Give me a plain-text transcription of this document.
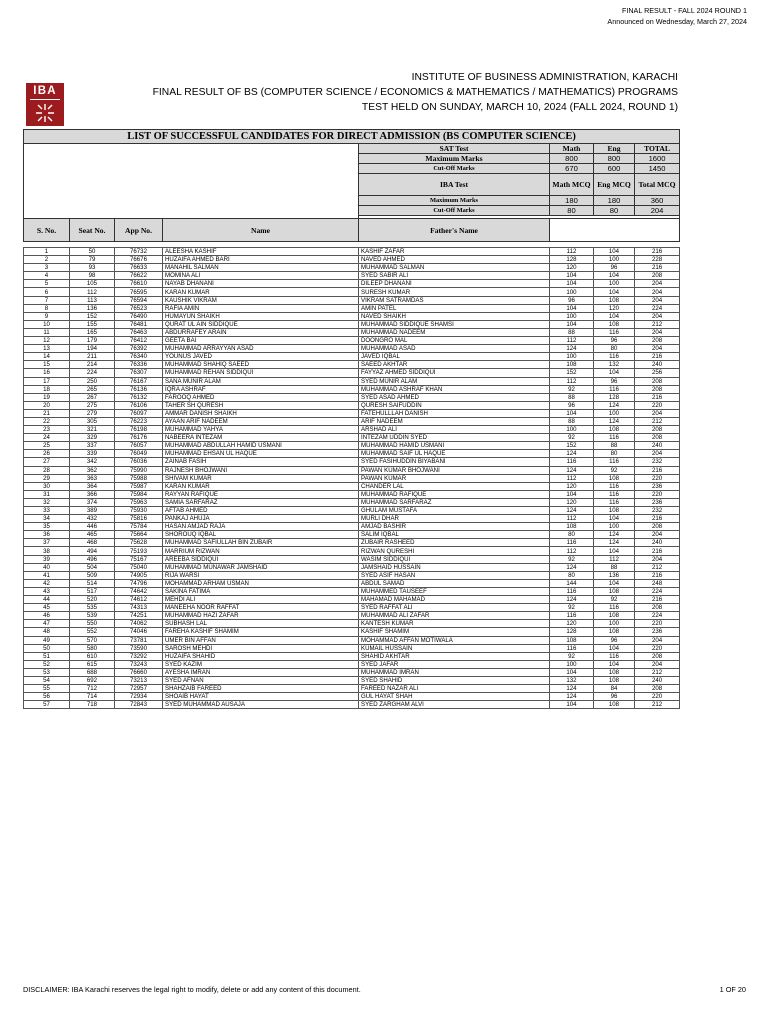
FINAL RESULT - FALL 2024 ROUND 1
Announced on Wednesday, March 27, 2024
IBA
INSTITUTE OF BUSINESS ADMINISTRATION, KARACHI
FINAL RESULT OF BS (COMPUTER SCIENCE / ECONOMICS & MATHEMATICS / MATHEMATICS) PROGRAMS
TEST HELD ON SUNDAY, MARCH 10, 2024 (FALL 2024, ROUND 1)
LIST OF SUCCESSFUL CANDIDATES FOR DIRECT ADMISSION (BS COMPUTER SCIENCE)							
				SAT Test	Math	Eng	TOTAL
				Maximum Marks	800	800	1600
				Cut-Off Marks	670	600	1450
				IBA Test	Math MCQ	Eng MCQ	Total MCQ
				Maximum Marks	180	180	360
				Cut-Off Marks	80	80	204

S. No.	Seat No.	App No.	Name	Father's Name			

1	50	76732	ALEESHA KASHIF	KASHIF ZAFAR	112	104	216
2	79	76676	HUZAIFA AHMED BARI	NAVED AHMED	128	100	228
3	93	76633	MANAHIL SALMAN	MUHAMMAD SALMAN	120	96	216
4	98	76622	MOMINA ALI	SYED SABIR ALI	104	104	208
5	105	76610	NAYAB DHANANI	DILEEP DHANANI	104	100	204
6	112	76595	KARAN KUMAR	SURESH KUMAR	100	104	204
7	113	76594	KAUSHIK VIKRAM	VIKRAM SATRAMDAS	96	108	204
8	136	76523	RAFIA AMIN	AMIN PATEL	104	120	224
9	152	76490	HUMAYUN SHAIKH	NAVED SHAIKH	100	104	204
10	155	76481	QURAT UL AIN SIDDIQUE	MUHAMMAD SIDDIQUE SHAMSI	104	108	212
11	165	76463	ABDURRAFEY ARAIN	MUHAMMAD NADEEM	88	116	204
12	179	76412	GEETA BAI	DOONGRO MAL	112	96	208
13	194	76392	MUHAMMAD ARRAYYAN ASAD	MUHAMMAD ASAD	124	80	204
14	211	76340	YOUNUS JAVED	JAVED IQBAL	100	116	216
15	214	76336	MUHAMMAD SHAHIQ SAEED	SAEED AKHTAR	108	132	240
16	224	76307	MUHAMMAD REHAN SIDDIQUI	FAYYAZ AHMED SIDDIQUI	152	104	256
17	250	76167	SANA MUNIR ALAM	SYED MUNIR ALAM	112	96	208
18	265	76136	IQRA ASHRAF	MUHAMMAD ASHRAF KHAN	92	116	208
19	267	76132	FAROOQ AHMED	SYED ASAD AHMED	88	128	216
20	275	76106	TAHER SH QURESH	QURESH SAIFUDDIN	96	124	220
21	279	76097	AMMAR DANISH SHAIKH	FATEHULLLAH DANISH	104	100	204
22	305	76223	AYAAN ARIF NADEEM	ARIF NADEEM	88	124	212
23	321	76198	MUHAMMAD YAHYA	ARSHAD ALI	100	108	208
24	329	76176	NABEERA INTEZAM	INTEZAM UDDIN SYED	92	116	208
25	337	76057	MUHAMMAD ABDULLAH HAMID USMANI	MUHAMMAD HAMID USMANI	152	88	240
26	339	76049	MUHAMMAD EHSAN UL HAQUE	MUHAMMAD SAIF UL HAQUE	124	80	204
27	342	76036	ZAINAB FASIH	SYED FASIHUDDIN BIYABANI	116	116	232
28	362	75990	RAJNESH BHOJWANI	PAWAN KUMAR BHOJWANI	124	92	216
29	363	75988	SHIVAM KUMAR	PAWAN KUMAR	112	108	220
30	364	75987	KARAN KUMAR	CHANDER LAL	120	116	236
31	366	75984	RAYYAN RAFIQUE	MUHAMMAD RAFIQUE	104	116	220
32	374	75963	SAMIA SARFARAZ	MUHAMMAD SARFARAZ	120	116	236
33	389	75930	AFTAB AHMED	GHULAM MUSTAFA	124	108	232
34	432	75816	PANKAJ AHUJA	MURLI DHAR	112	104	216
35	446	75784	HASAN AMJAD RAJA	AMJAD BASHIR	108	100	208
36	465	75664	SHOROUQ IQBAL	SALIM IQBAL	80	124	204
37	468	75628	MUHAMMAD SAFIULLAH BIN ZUBAIR	ZUBAIR RASHEED	116	124	240
38	494	75193	MARRIUM RIZWAN	RIZWAN QURESHI	112	104	216
39	496	75167	AREEBA SIDDIQUI	WASIM SIDDIQUI	92	112	204
40	504	75040	MUHAMMAD MUNAWAR JAMSHAID	JAMSHAID HUSSAIN	124	88	212
41	509	74905	RIJA WARSI	SYED ASIF HASAN	80	136	216
42	514	74796	MOHAMMAD ARHAM USMAN	ABDUL SAMAD	144	104	248
43	517	74642	SAKINA FATIMA	MUHAMMED TAUSEEF	116	108	224
44	520	74612	MEHDI ALI	MAHAMAD MAHAMAD	124	92	216
45	535	74313	MANEEHA NOOR RAFFAT	SYED RAFFAT ALI	92	116	208
46	539	74251	MUHAMMAD HAZI ZAFAR	MUHAMMAD ALI ZAFAR	116	108	224
47	550	74062	SUBHASH LAL	KANTESH KUMAR	120	100	220
48	552	74046	FAREHA KASHIF SHAMIM	KASHIF SHAMIM	128	108	236
49	570	73781	UMER BIN AFFAN	MOHAMMAD AFFAN MOTIWALA	108	96	204
50	580	73590	SAROSH MEHDI	KUMAIL HUSSAIN	116	104	220
51	610	73292	HUZAIFA SHAHID	SHAHID AKHTAR	92	116	208
52	615	73243	SYED KAZIM	SYED JAFAR	100	104	204
53	688	76660	AYESHA IMRAN	MUHAMMAD IMRAN	104	108	212
54	692	73213	SYED AFNAN	SYED SHAHID	132	108	240
55	712	72957	SHAHZAIB FAREED	FAREED NAZAR ALI	124	84	208
56	714	72934	SHOAIB HAYAT	GUL HAYAT SHAH	124	96	220
57	718	72843	SYED MUHAMMAD AUSAJA	SYED ZARGHAM ALVI	104	108	212
DISCLAIMER: IBA Karachi reserves the legal right to modify, delete or add any content of this document.	1 OF 20
